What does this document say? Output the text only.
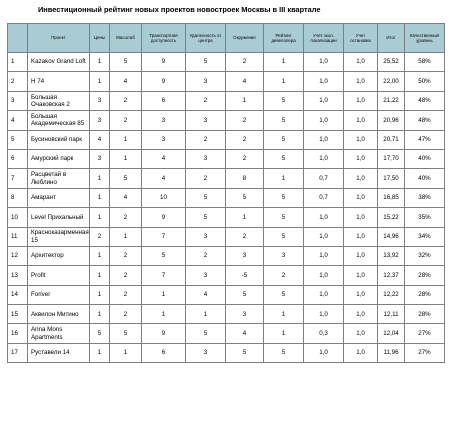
Инвестиционный рейтинг новых проектов новостроек Москвы в III квартале
	Проект	Цены	Масштаб	Транспортная доступность	Удаленность от центра	Окружение	Рейтинг девелопера	Учет экол. локализации	Учет остановки	Итог	Качественный уровень
1	Kazakov Grand Loft	1	5	9	5	2	1	1,0	1,0	25,52	58%
2	Н 74	1	4	9	3	4	1	1,0	1,0	22,00	50%
3	Большая Очаковская 2	3	2	6	2	1	5	1,0	1,0	21,22	48%
4	Большая Академическая 85	3	2	3	3	2	5	1,0	1,0	20,96	48%
5	Бусиновский парк	4	1	3	2	2	5	1,0	1,0	20,71	47%
6	Амурский парк	3	1	4	3	2	5	1,0	1,0	17,70	40%
7	Расцветай в Люблино	1	5	4	2	8	1	0,7	1,0	17,50	40%
8	Амарант	1	4	10	5	5	5	0,7	1,0	16,85	38%
10	Level Прихальный	1	2	9	5	1	5	1,0	1,0	15,22	35%
11	Красноказарменная 15	2	1	7	3	2	5	1,0	1,0	14,96	34%
12	Архитектор	1	2	5	2	3	3	1,0	1,0	13,92	32%
13	Profit	1	2	7	3	-5	2	1,0	1,0	12,37	28%
14	Foriver	1	2	1	4	5	5	1,0	1,0	12,22	28%
15	Аквилон Митино	1	2	1	1	3	1	1,0	1,0	12,11	28%
16	Anna Mons Apartments	5	5	9	5	4	1	0,3	1,0	12,04	27%
17	Руставели 14	1	1	6	3	5	5	1,0	1,0	11,96	27%
